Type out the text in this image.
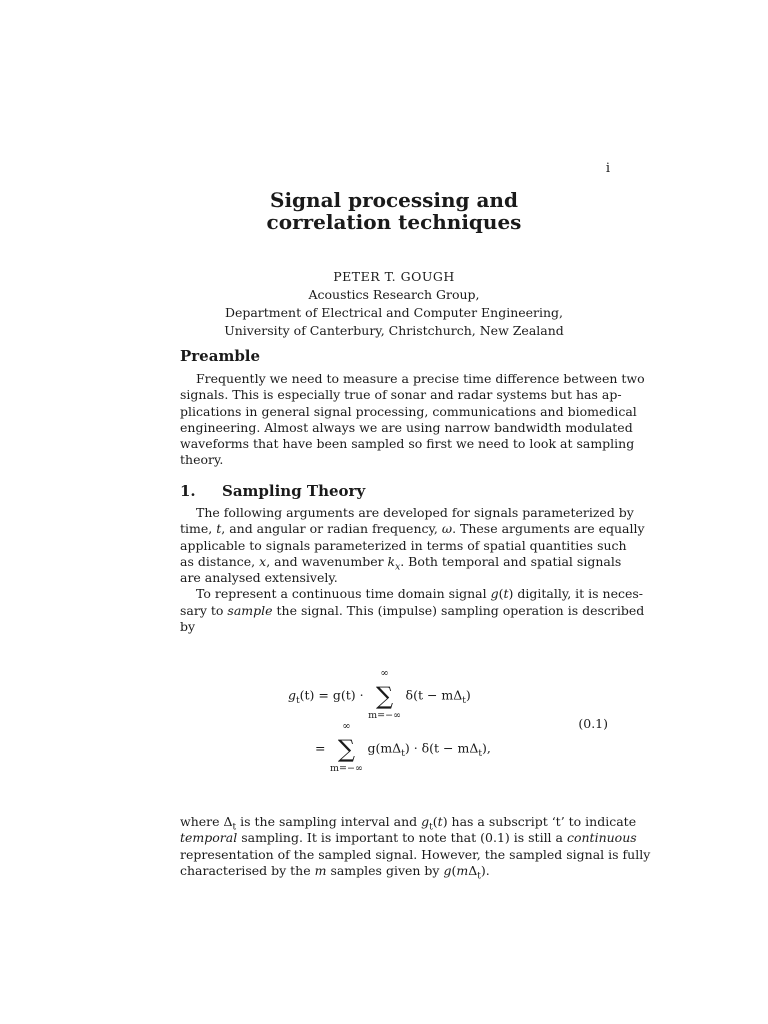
i
Signal processing and
correlation techniques
PETER T. GOUGH
Acoustics Research Group,
Department of Electrical and Computer Engineering,
University of Canterbury, Christchurch, New Zealand
Preamble
Frequently we need to measure a precise time difference between two
signals. This is especially true of sonar and radar systems but has ap-
plications in general signal processing, communications and biomedical
engineering. Almost always we are using narrow bandwidth modulated
waveforms that have been sampled so first we need to look at sampling
theory.
1. Sampling Theory
The following arguments are developed for signals parameterized by
time, t, and angular or radian frequency, ω. These arguments are equally
applicable to signals parameterized in terms of spatial quantities such
as distance, x, and wavenumber $k_x$. Both temporal and spatial signals
are analysed extensively.
To represent a continuous time domain signal g(t) digitally, it is neces-
sary to sample the signal. This (impulse) sampling operation is described
by
$g_t(t) = g(t)$ ·
∞
∑
m=−∞
$\delta(t - m\Delta_t)$
=
∞
∑
m=−∞
$g(m\Delta_t) \cdot \delta(t - m\Delta_t)$,
(0.1)
where $\Delta_t$ is the sampling interval and $g_t(t)$ has a subscript ‘t’ to indicate
temporal sampling. It is important to note that (0.1) is still a continuous
representation of the sampled signal. However, the sampled signal is fully
characterised by the m samples given by $g(m\Delta_t)$.
